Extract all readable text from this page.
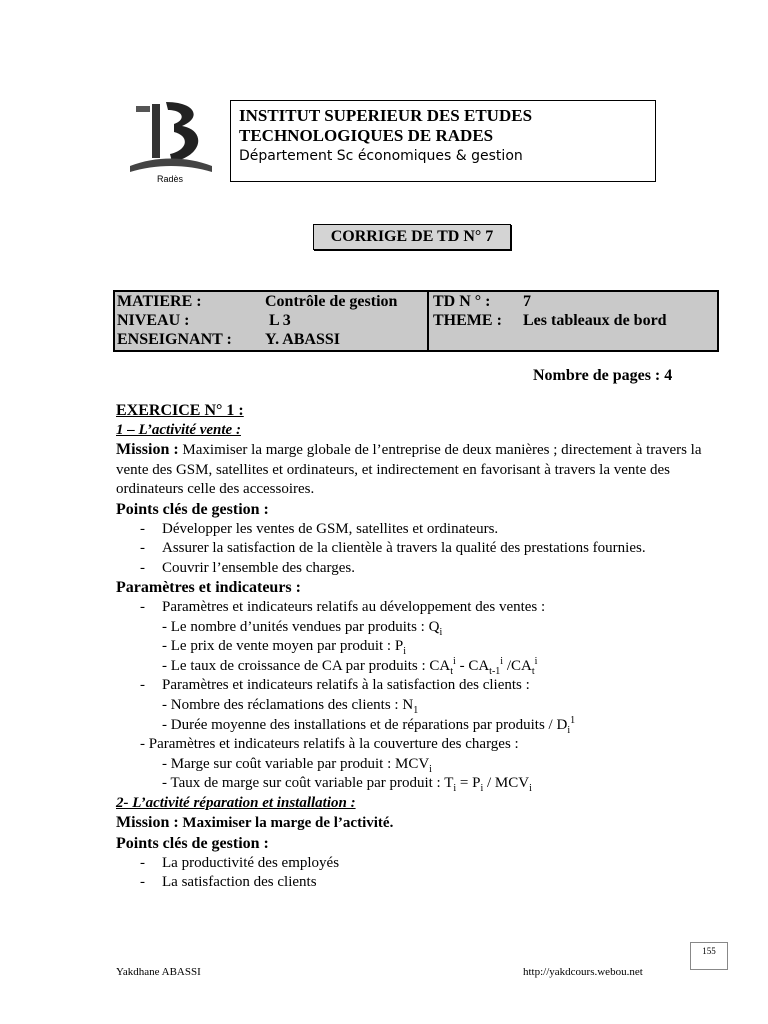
Radès
INSTITUT SUPERIEUR DES ETUDES
TECHNOLOGIQUES DE RADES
Département Sc économiques & gestion
CORRIGE DE TD N° 7
MATIERE :	Contrôle de gestion
NIVEAU :	L 3
ENSEIGNANT : Y. ABASSI
TD N ° : 7
THEME : Les tableaux de bord
Nombre de pages : 4
EXERCICE N° 1 :
1 – L’activité vente :
Mission : Maximiser la marge globale de l’entreprise de deux manières ; directement à travers la vente des GSM, satellites et ordinateurs, et indirectement en favorisant à travers la vente des ordinateurs celle des accessoires.
Points clés de gestion :
- Développer les ventes de GSM, satellites et ordinateurs.
- Assurer la satisfaction de la clientèle à travers la qualité des prestations fournies.
- Couvrir l’ensemble des charges.
Paramètres et indicateurs :
- Paramètres et indicateurs relatifs au développement des ventes :
- Le nombre d’unités vendues par produits : $Q_i$
- Le prix de vente moyen par produit : $P_i$
- Le taux de croissance de CA par produits : $CA_t^i - CA_{t-1}^i$ $/CA_t^i$
- Paramètres et indicateurs relatifs à la satisfaction des clients :
- Nombre des réclamations des clients : $N_1$
- Durée moyenne des installations et de réparations par produits / $D_i^1$
- Paramètres et indicateurs relatifs à la couverture des charges :
- Marge sur coût variable par produit : $MCV_i$
- Taux de marge sur coût variable par produit : $T_i = P_i / MCV_i$
2- L’activité réparation et installation :
Mission : Maximiser la marge de l’activité.
Points clés de gestion :
- La productivité des employés
- La satisfaction des clients
155
Yakdhane ABASSI	http://yakdcours.webou.net
